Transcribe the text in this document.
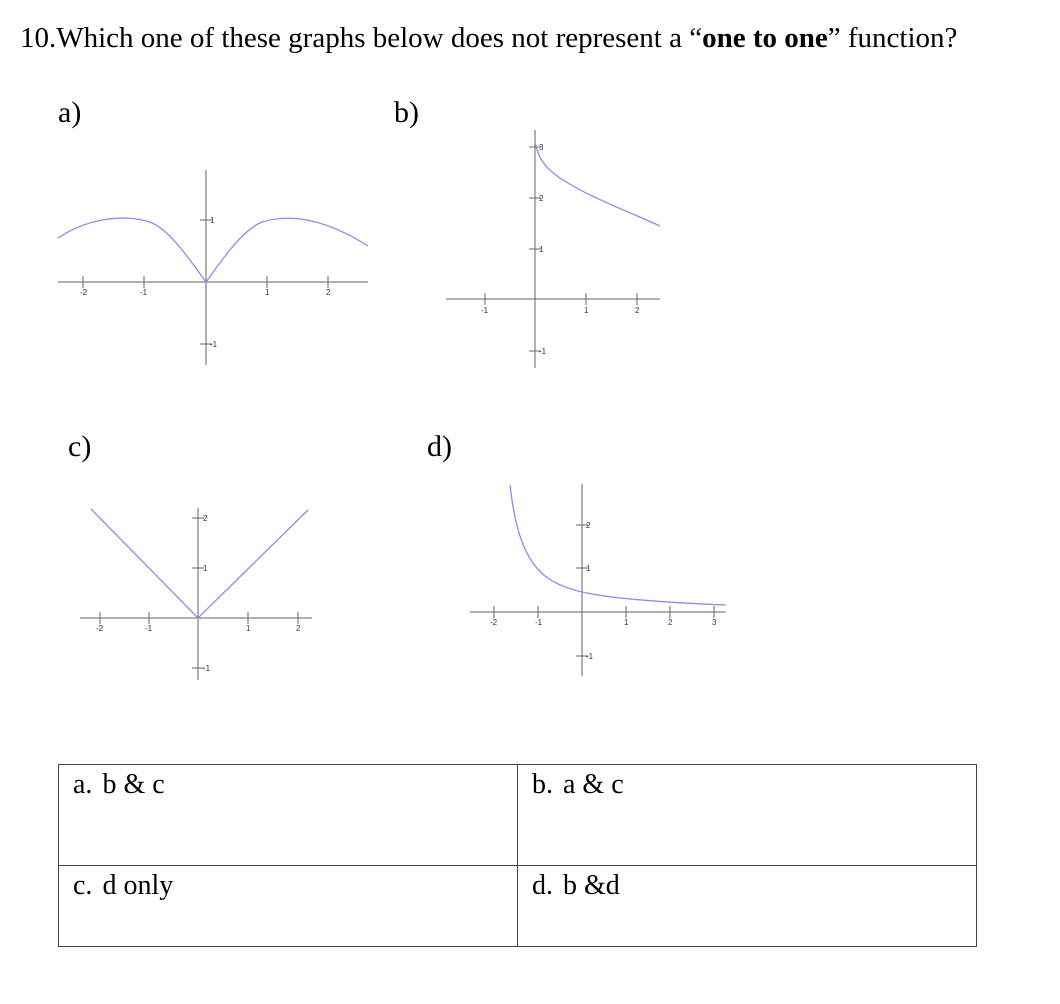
10.Which one of these graphs below does not represent a “one to one” function?
a)
-2	-1	1	2
1
-1
b)
-1	1	2
3
2
1
-1
c)
-2	-1	1	2
2
1
-1
d)
-2	-1	1	2	3
2
1
-1
a. b & c	b. a & c
c. d only	d. b &d
